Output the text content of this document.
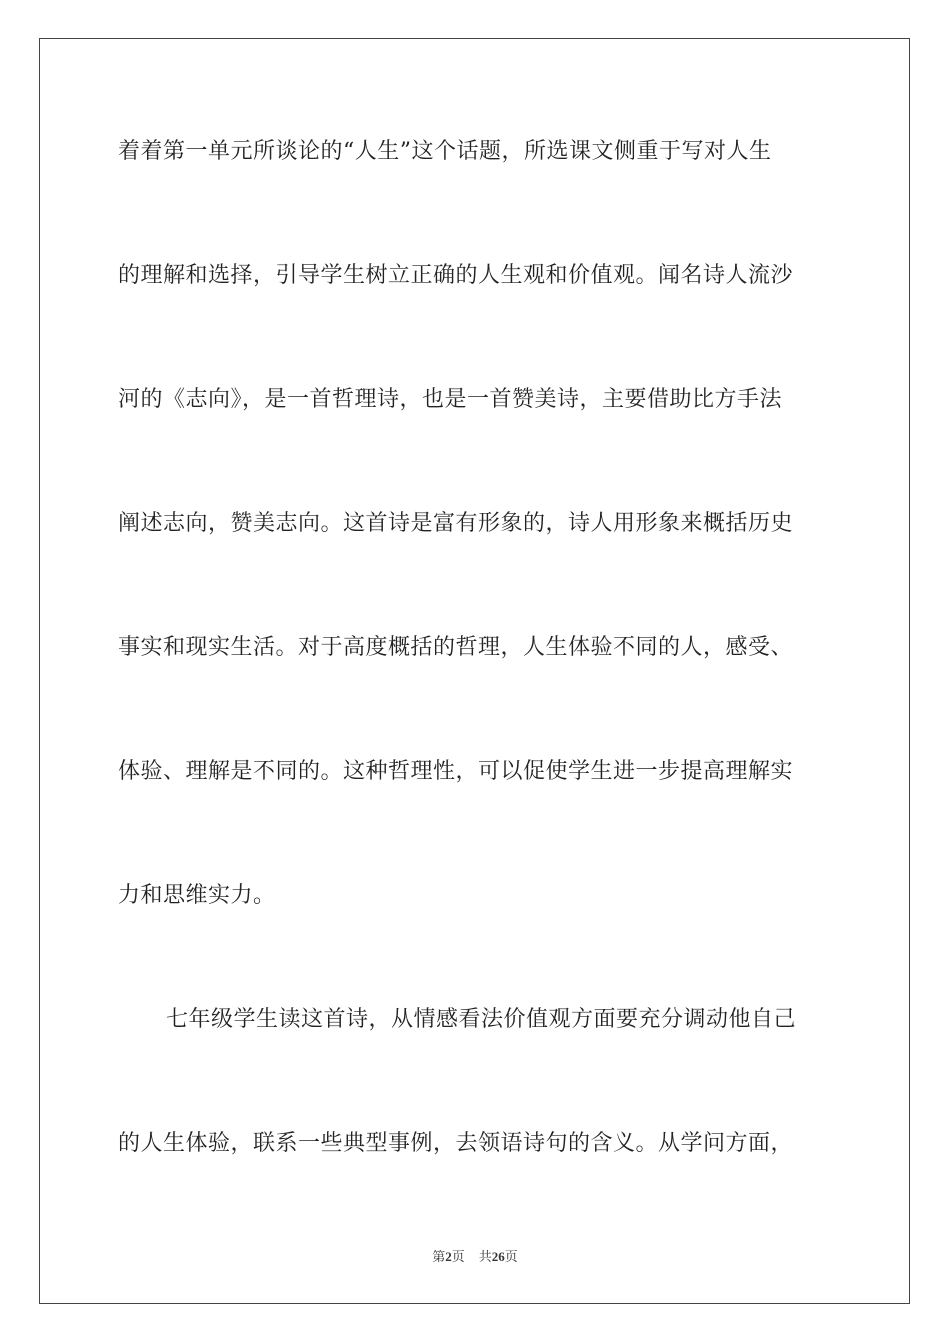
着着第一单元所谈论的“人生”这个话题，所选课文侧重于写对人生
的理解和选择，引导学生树立正确的人生观和价值观。闻名诗人流沙
河的《志向》，是一首哲理诗，也是一首赞美诗，主要借助比方手法
阐述志向，赞美志向。这首诗是富有形象的，诗人用形象来概括历史
事实和现实生活。对于高度概括的哲理，人生体验不同的人，感受、
体验、理解是不同的。这种哲理性，可以促使学生进一步提高理解实
力和思维实力。
七年级学生读这首诗，从情感看法价值观方面要充分调动他自己
的人生体验，联系一些典型事例，去领语诗句的含义。从学问方面，
第2页 共26页
